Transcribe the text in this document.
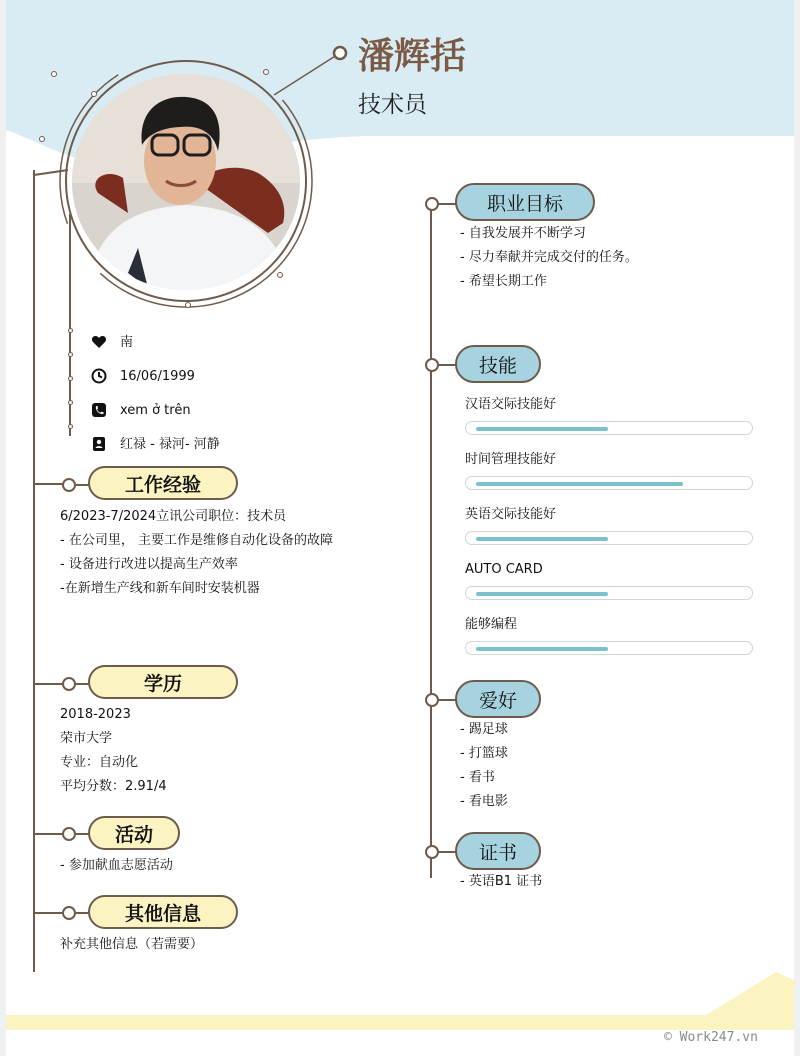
潘辉括
技术员
南
16/06/1999
xem ở trên
红禄 - 禄河- 河静
工作经验
6/2023-7/2024立讯公司职位：技术员
- 在公司里， 主要工作是维修自动化设备的故障
- 设备进行改进以提高生产效率
-在新增生产线和新车间时安装机器
学历
2018-2023
荣市大学
专业：自动化
平均分数：2.91/4
活动
- 参加献血志愿活动
其他信息
补充其他信息（若需要）
职业目标
- 自我发展并不断学习
- 尽力奉献并完成交付的任务。
- 希望长期工作
技能
汉语交际技能好
时间管理技能好
英语交际技能好
AUTO CARD
能够编程
爱好
- 踢足球
- 打篮球
- 看书
- 看电影
证书
- 英语B1 证书
© Work247.vn
